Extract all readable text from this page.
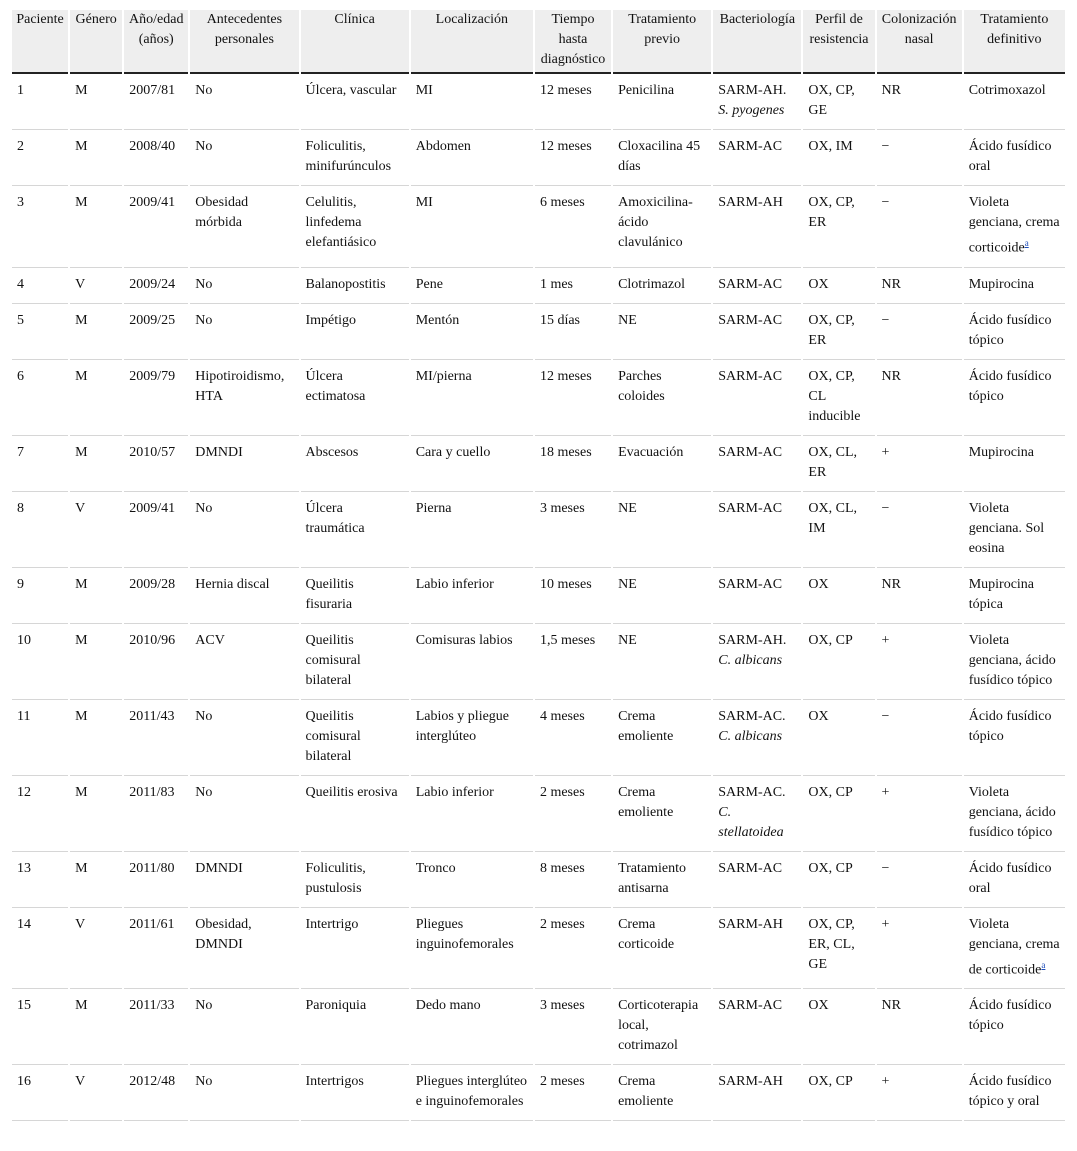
Paciente	Género	Año/edad (años)	Antecedentes personales	Clínica	Localización	Tiempo hasta diagnóstico	Tratamiento previo	Bacteriología	Perfil de resistencia	Colonización nasal	Tratamiento definitivo
1	M	2007/81	No	Úlcera, vascular	MI	12 meses	Penicilina	SARM-AH. S. pyogenes	OX, CP, GE	NR	Cotrimoxazol
2	M	2008/40	No	Foliculitis, minifurúnculos	Abdomen	12 meses	Cloxacilina 45 días	SARM-AC	OX, IM	−	Ácido fusídico oral
3	M	2009/41	Obesidad mórbida	Celulitis, linfedema elefantiásico	MI	6 meses	Amoxicilina-ácido clavulánico	SARM-AH	OX, CP, ER	−	Violeta genciana, crema corticoide$^a$
4	V	2009/24	No	Balanopostitis	Pene	1 mes	Clotrimazol	SARM-AC	OX	NR	Mupirocina
5	M	2009/25	No	Impétigo	Mentón	15 días	NE	SARM-AC	OX, CP, ER	−	Ácido fusídico tópico
6	M	2009/79	Hipotiroidismo, HTA	Úlcera ectimatosa	MI/pierna	12 meses	Parches coloides	SARM-AC	OX, CP, CL inducible	NR	Ácido fusídico tópico
7	M	2010/57	DMNDI	Abscesos	Cara y cuello	18 meses	Evacuación	SARM-AC	OX, CL, ER	+	Mupirocina
8	V	2009/41	No	Úlcera traumática	Pierna	3 meses	NE	SARM-AC	OX, CL, IM	−	Violeta genciana. Sol eosina
9	M	2009/28	Hernia discal	Queilitis fisuraria	Labio inferior	10 meses	NE	SARM-AC	OX	NR	Mupirocina tópica
10	M	2010/96	ACV	Queilitis comisural bilateral	Comisuras labios	1,5 meses	NE	SARM-AH. C. albicans	OX, CP	+	Violeta genciana, ácido fusídico tópico
11	M	2011/43	No	Queilitis comisural bilateral	Labios y pliegue interglúteo	4 meses	Crema emoliente	SARM-AC. C. albicans	OX	−	Ácido fusídico tópico
12	M	2011/83	No	Queilitis erosiva	Labio inferior	2 meses	Crema emoliente	SARM-AC. C. stellatoidea	OX, CP	+	Violeta genciana, ácido fusídico tópico
13	M	2011/80	DMNDI	Foliculitis, pustulosis	Tronco	8 meses	Tratamiento antisarna	SARM-AC	OX, CP	−	Ácido fusídico oral
14	V	2011/61	Obesidad, DMNDI	Intertrigo	Pliegues inguinofemorales	2 meses	Crema corticoide	SARM-AH	OX, CP, ER, CL, GE	+	Violeta genciana, crema de corticoide$^a$
15	M	2011/33	No	Paroniquia	Dedo mano	3 meses	Corticoterapia local, cotrimazol	SARM-AC	OX	NR	Ácido fusídico tópico
16	V	2012/48	No	Intertrigos	Pliegues interglúteo e inguinofemorales	2 meses	Crema emoliente	SARM-AH	OX, CP	+	Ácido fusídico tópico y oral
